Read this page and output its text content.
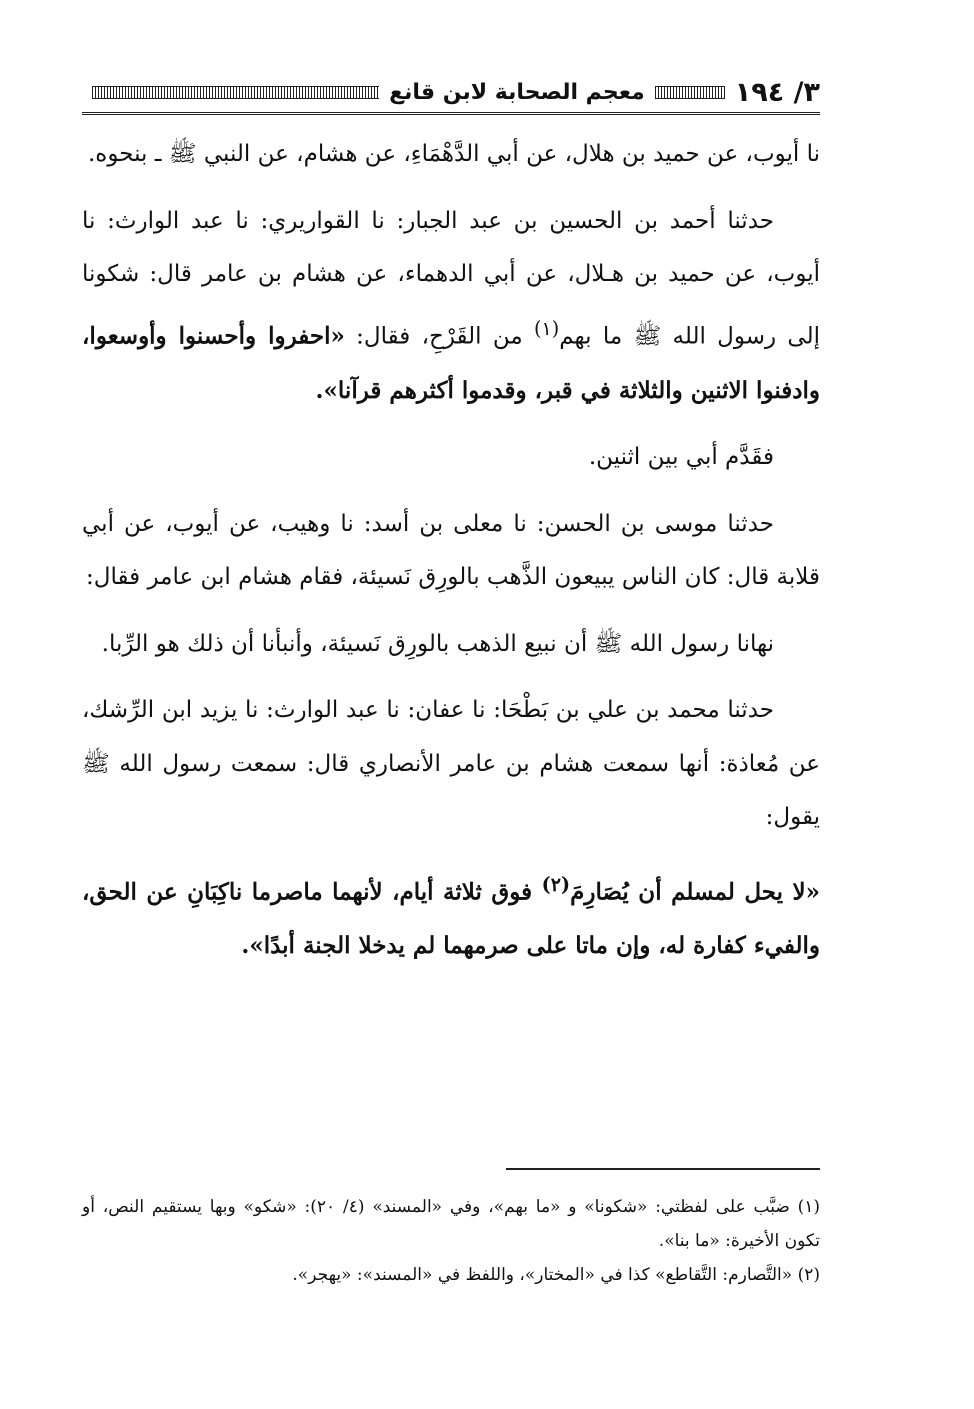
٣/ ١٩٤
معجم الصحابة لابن قانع

نا أيوب، عن حميد بن هلال، عن أبي الدَّهْمَاءِ، عن هشام، عن النبي ﷺ ـ بنحوه.

حدثنا أحمد بن الحسين بن عبد الجبار: نا القواريري: نا عبد الوارث: نا أيوب، عن حميد بن هـلال، عن أبي الدهماء، عن هشام بن عامر قال: شكونا إلى رسول الله ﷺ ما بهم$^{(١)}$ من القَرْحِ، فقال: «احفروا وأحسنوا وأوسعوا، وادفنوا الاثنين والثلاثة في قبر، وقدموا أكثرهم قرآنا».

فقَدَّم أبي بين اثنين.

حدثنا موسى بن الحسن: نا معلى بن أسد: نا وهيب، عن أيوب، عن أبي قلابة قال: كان الناس يبيعون الذَّهب بالورِق نَسيئة، فقام هشام ابن عامر فقال:

نهانا رسول الله ﷺ أن نبيع الذهب بالورِق نَسيئة، وأنبأنا أن ذلك هو الرِّبا.

حدثنا محمد بن علي بن بَطْحَا: نا عفان: نا عبد الوارث: نا يزيد ابن الرِّشك، عن مُعاذة: أنها سمعت هشام بن عامر الأنصاري قال: سمعت رسول الله ﷺ يقول:

«لا يحل لمسلم أن يُصَارِمَ$^{(٢)}$ فوق ثلاثة أيام، لأنهما ماصرما ناكِبَانِ عن الحق، والفيء كفارة له، وإن ماتا على صرمهما لم يدخلا الجنة أبدًا».

(١) ضبَّب على لفظتي: «شكونا» و «ما بهم»، وفي «المسند» (٤/ ٢٠): «شكو» وبها يستقيم النص، أو تكون الأخيرة: «ما بنا».

(٢) «التَّصارم: التَّقاطع» كذا في «المختار»، واللفظ في «المسند»: «يهجر».
